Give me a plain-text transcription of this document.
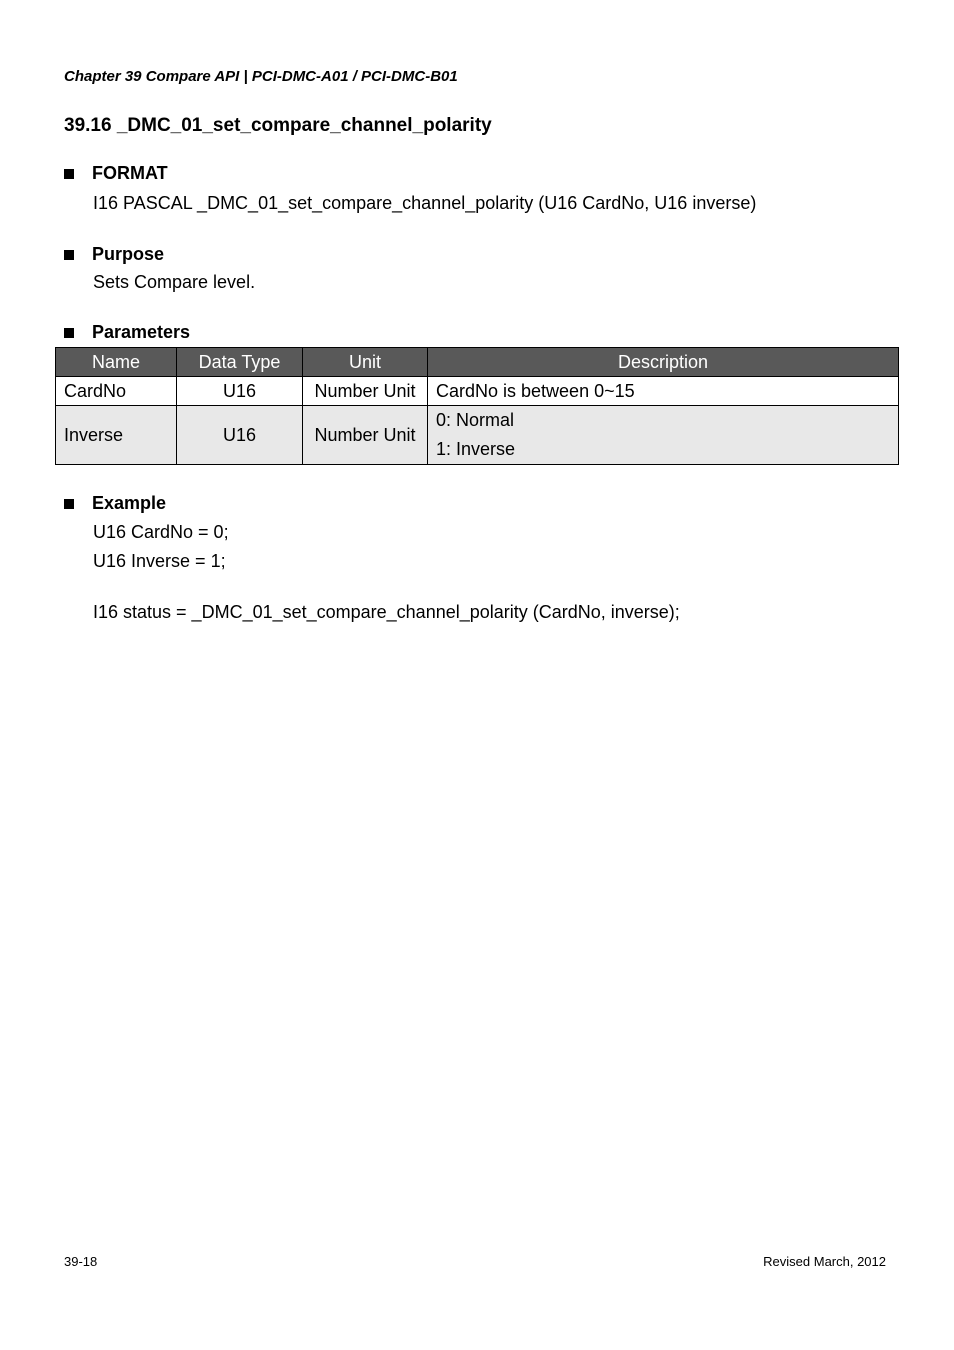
Chapter 39 Compare API | PCI-DMC-A01 / PCI-DMC-B01
39.16 _DMC_01_set_compare_channel_polarity
FORMAT
I16 PASCAL _DMC_01_set_compare_channel_polarity (U16 CardNo, U16 inverse)
Purpose
Sets Compare level.
Parameters
Name	Data Type	Unit	Description
CardNo	U16	Number Unit	CardNo is between 0~15
Inverse	U16	Number Unit	0: Normal
1: Inverse
Example
U16 CardNo = 0;
U16 Inverse = 1;
I16 status = _DMC_01_set_compare_channel_polarity (CardNo, inverse);
39-18	Revised March, 2012
